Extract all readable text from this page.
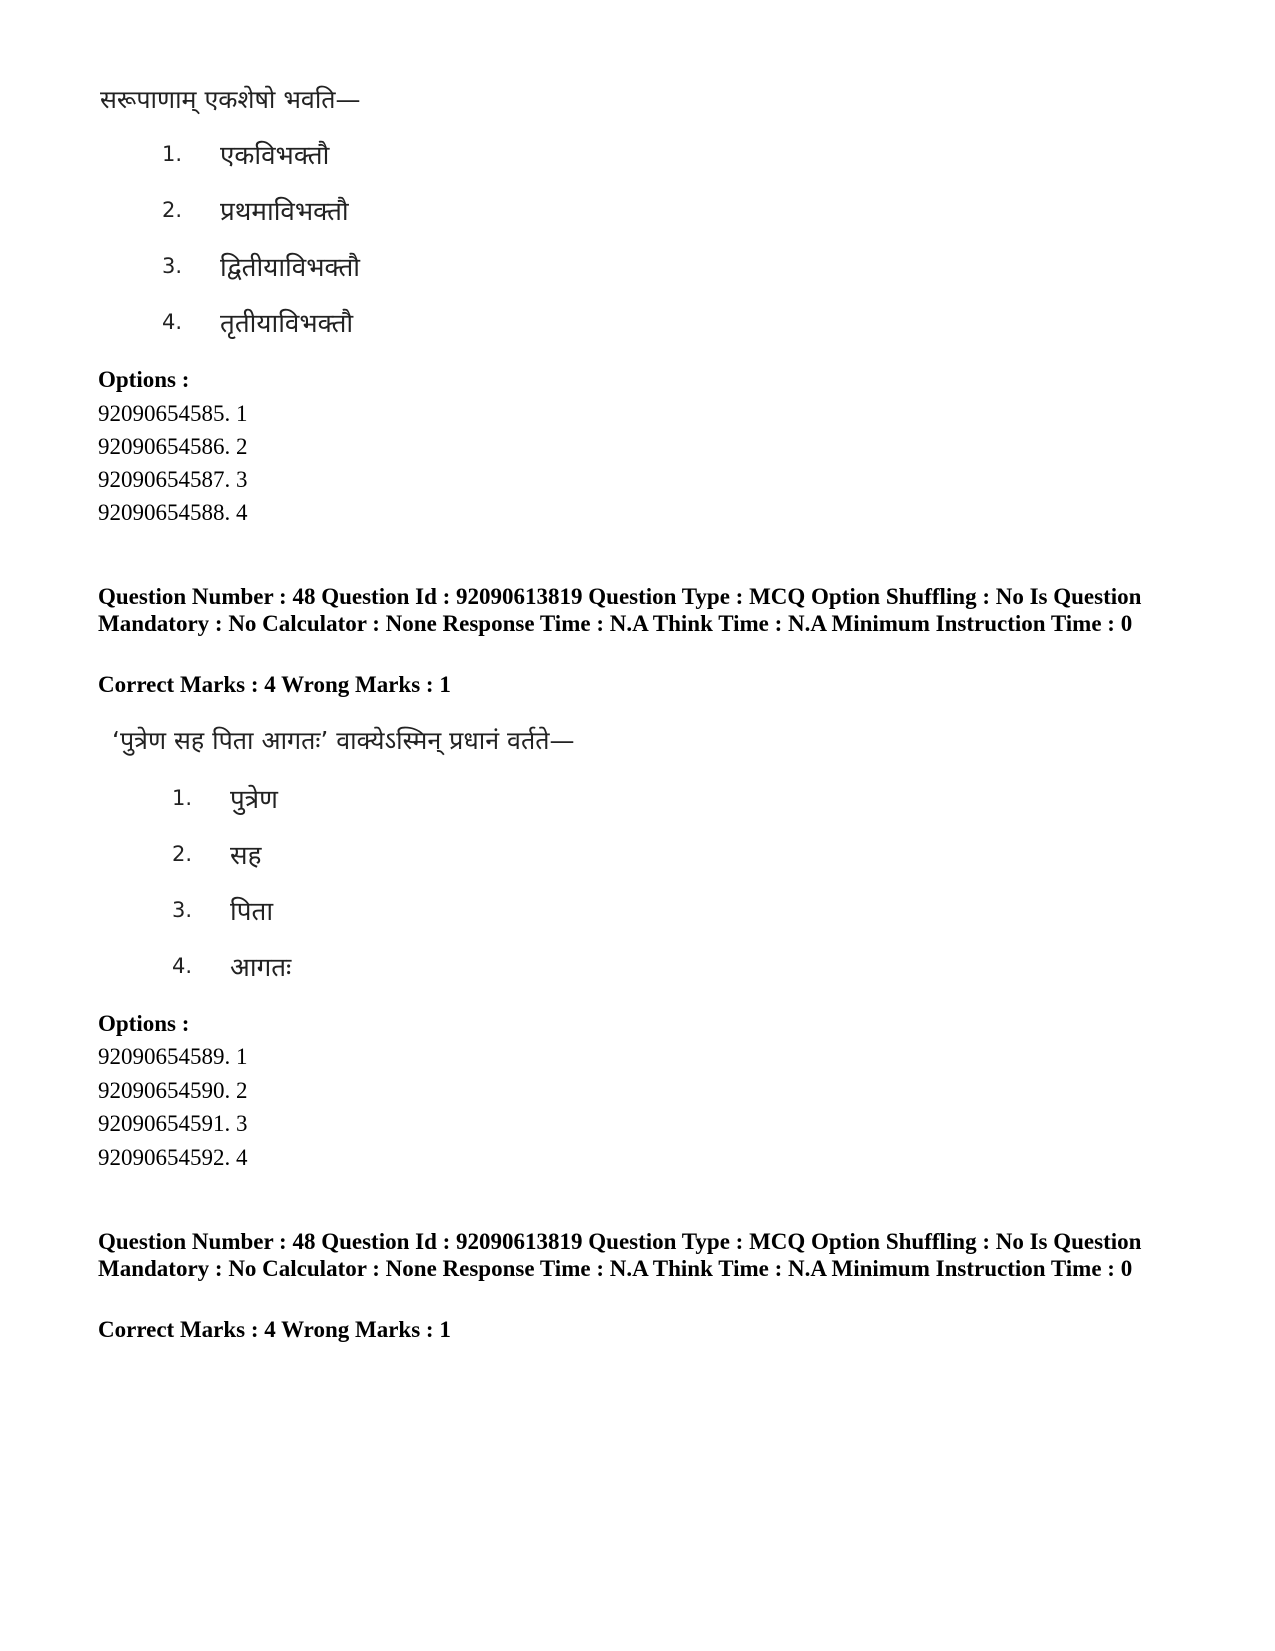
सरूपाणाम् एकशेषो भवति—
1. एकविभक्तौ
2. प्रथमाविभक्तौ
3. द्वितीयाविभक्तौ
4. तृतीयाविभक्तौ
Options :
92090654585. 1
92090654586. 2
92090654587. 3
92090654588. 4
Question Number : 48 Question Id : 92090613819 Question Type : MCQ Option Shuffling : No Is Question Mandatory : No Calculator : None Response Time : N.A Think Time : N.A Minimum Instruction Time : 0
Correct Marks : 4 Wrong Marks : 1
‘पुत्रेण सह पिता आगतः’ वाक्येऽस्मिन् प्रधानं वर्तते—
1. पुत्रेण
2. सह
3. पिता
4. आगतः
Options :
92090654589. 1
92090654590. 2
92090654591. 3
92090654592. 4
Question Number : 48 Question Id : 92090613819 Question Type : MCQ Option Shuffling : No Is Question Mandatory : No Calculator : None Response Time : N.A Think Time : N.A Minimum Instruction Time : 0
Correct Marks : 4 Wrong Marks : 1
